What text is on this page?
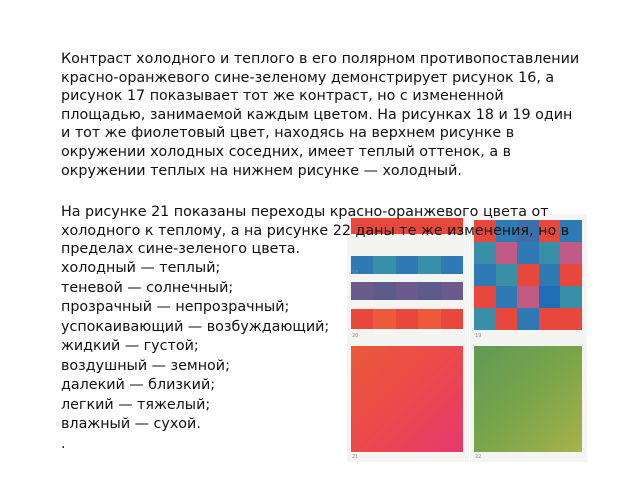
Контраст холодного и теплого в его полярном противопоставлении красно-оранжевого сине-зеленому демонстрирует рисунок 16, а рисунок 17 показывает тот же контраст, но с измененной площадью, занимаемой каждым цветом. На рисунках 18 и 19 один и тот же фиолетовый цвет, находясь на верхнем рисунке в окружении холодных соседних, имеет теплый оттенок, а в окружении теплых на нижнем рисунке — холодный.

На рисунке 21 показаны переходы красно-оранжевого цвета от холодного к теплому, а на рисунке 22 даны те же изменения, но в пределах сине-зеленого цвета.

холодный — теплый;
теневой — солнечный;
прозрачный — непрозрачный;
успокаивающий — возбуждающий;
жидкий — густой;
воздушный — земной;
далекий — близкий;
легкий — тяжелый;
влажный — сухой.
.
18
20	19
21	22
